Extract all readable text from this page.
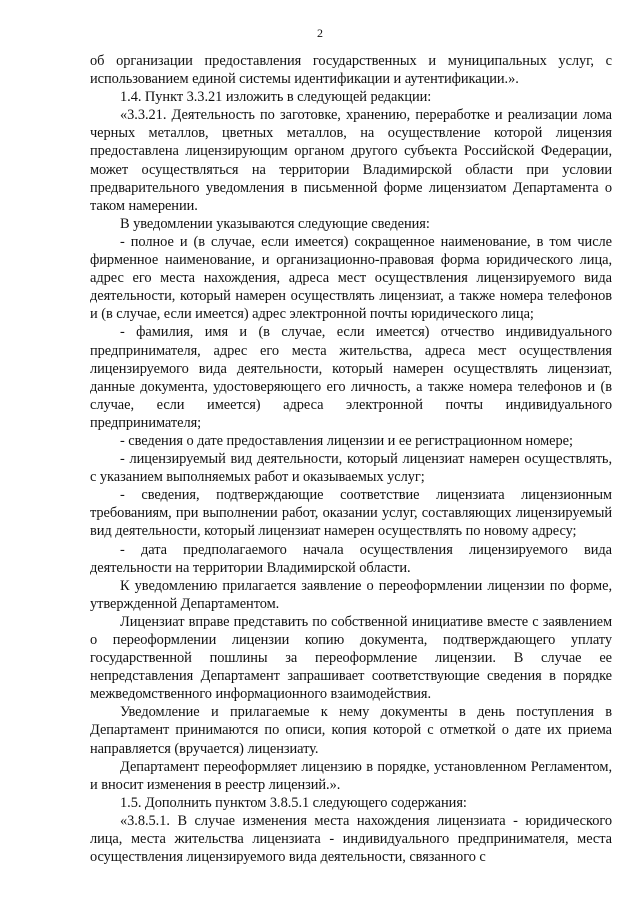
2

об организации предоставления государственных и муниципальных услуг, с использованием единой системы идентификации и аутентификации.».

1.4. Пункт 3.3.21 изложить в следующей редакции:

«3.3.21. Деятельность по заготовке, хранению, переработке и реализации лома черных металлов, цветных металлов, на осуществление которой лицензия предоставлена лицензирующим органом другого субъекта Российской Федерации, может осуществляться на территории Владимирской области при условии предварительного уведомления в письменной форме лицензиатом Департамента о таком намерении.

В уведомлении указываются следующие сведения:

- полное и (в случае, если имеется) сокращенное наименование, в том числе фирменное наименование, и организационно-правовая форма юридического лица, адрес его места нахождения, адреса мест осуществления лицензируемого вида деятельности, который намерен осуществлять лицензиат, а также номера телефонов и (в случае, если имеется) адрес электронной почты юридического лица;

- фамилия, имя и (в случае, если имеется) отчество индивидуального предпринимателя, адрес его места жительства, адреса мест осуществления лицензируемого вида деятельности, который намерен осуществлять лицензиат, данные документа, удостоверяющего его личность, а также номера телефонов и (в случае, если имеется) адреса электронной почты индивидуального предпринимателя;

- сведения о дате предоставления лицензии и ее регистрационном номере;

- лицензируемый вид деятельности, который лицензиат намерен осуществлять, с указанием выполняемых работ и оказываемых услуг;

- сведения, подтверждающие соответствие лицензиата лицензионным требованиям, при выполнении работ, оказании услуг, составляющих лицензируемый вид деятельности, который лицензиат намерен осуществлять по новому адресу;

- дата предполагаемого начала осуществления лицензируемого вида деятельности на территории Владимирской области.

К уведомлению прилагается заявление о переоформлении лицензии по форме, утвержденной Департаментом.

Лицензиат вправе представить по собственной инициативе вместе с заявлением о переоформлении лицензии копию документа, подтверждающего уплату государственной пошлины за переоформление лицензии. В случае ее непредставления Департамент запрашивает соответствующие сведения в порядке межведомственного информационного взаимодействия.

Уведомление и прилагаемые к нему документы в день поступления в Департамент принимаются по описи, копия которой с отметкой о дате их приема направляется (вручается) лицензиату.

Департамент переоформляет лицензию в порядке, установленном Регламентом, и вносит изменения в реестр лицензий.».

1.5. Дополнить пунктом 3.8.5.1 следующего содержания:

«3.8.5.1. В случае изменения места нахождения лицензиата - юридического лица, места жительства лицензиата - индивидуального предпринимателя, места осуществления лицензируемого вида деятельности, связанного с
